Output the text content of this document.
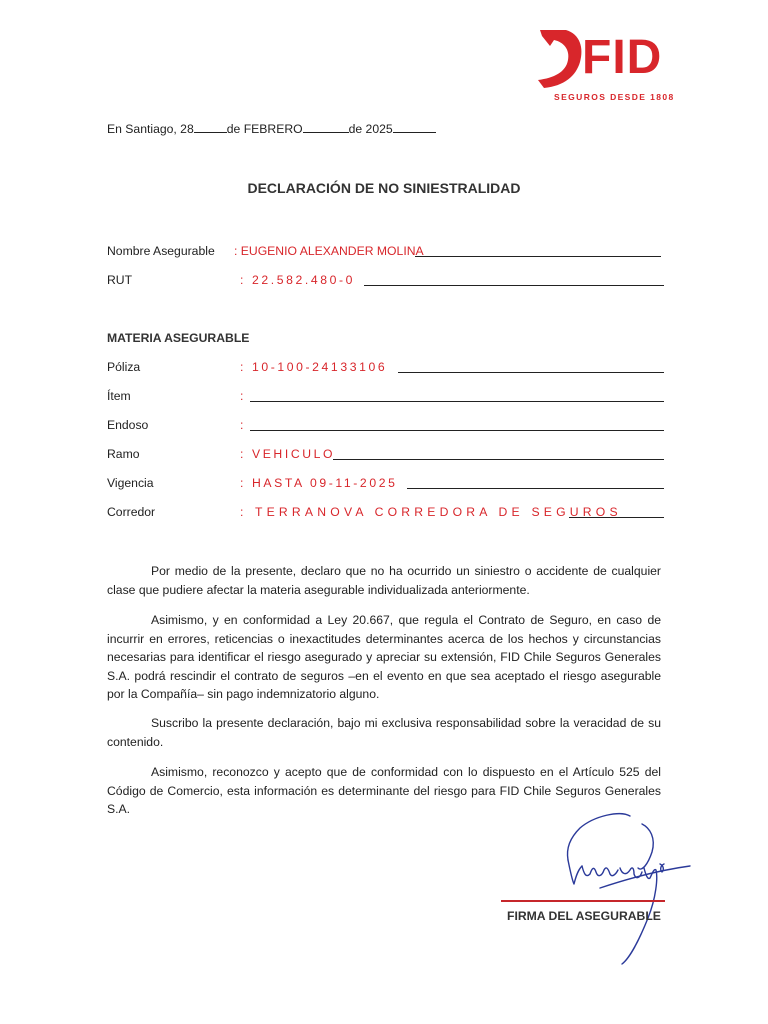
FID
SEGUROS DESDE 1808
En Santiago, 28	de FEBRERO	de 2025
DECLARACIÓN DE NO SINIESTRALIDAD
Nombre Asegurable : EUGENIO ALEXANDER MOLINA
RUT	: 22.582.480-0
MATERIA ASEGURABLE
Póliza	: 10-100-24133106
Ítem	:
Endoso	:
Ramo	: VEHICULO
Vigencia	: HASTA 09-11-2025
Corredor	: TERRANOVA CORREDORA DE SEGUROS
Por medio de la presente, declaro que no ha ocurrido un siniestro o accidente de cualquier clase que pudiere afectar la materia asegurable individualizada anteriormente.
Asimismo, y en conformidad a Ley 20.667, que regula el Contrato de Seguro, en caso de incurrir en errores, reticencias o inexactitudes determinantes acerca de los hechos y circunstancias necesarias para identificar el riesgo asegurado y apreciar su extensión, FID Chile Seguros Generales S.A. podrá rescindir el contrato de seguros –en el evento en que sea aceptado el riesgo asegurable por la Compañía– sin pago indemnizatorio alguno.
Suscribo la presente declaración, bajo mi exclusiva responsabilidad sobre la veracidad de su contenido.
Asimismo, reconozco y acepto que de conformidad con lo dispuesto en el Artículo 525 del Código de Comercio, esta información es determinante del riesgo para FID Chile Seguros Generales S.A.
FIRMA DEL ASEGURABLE
